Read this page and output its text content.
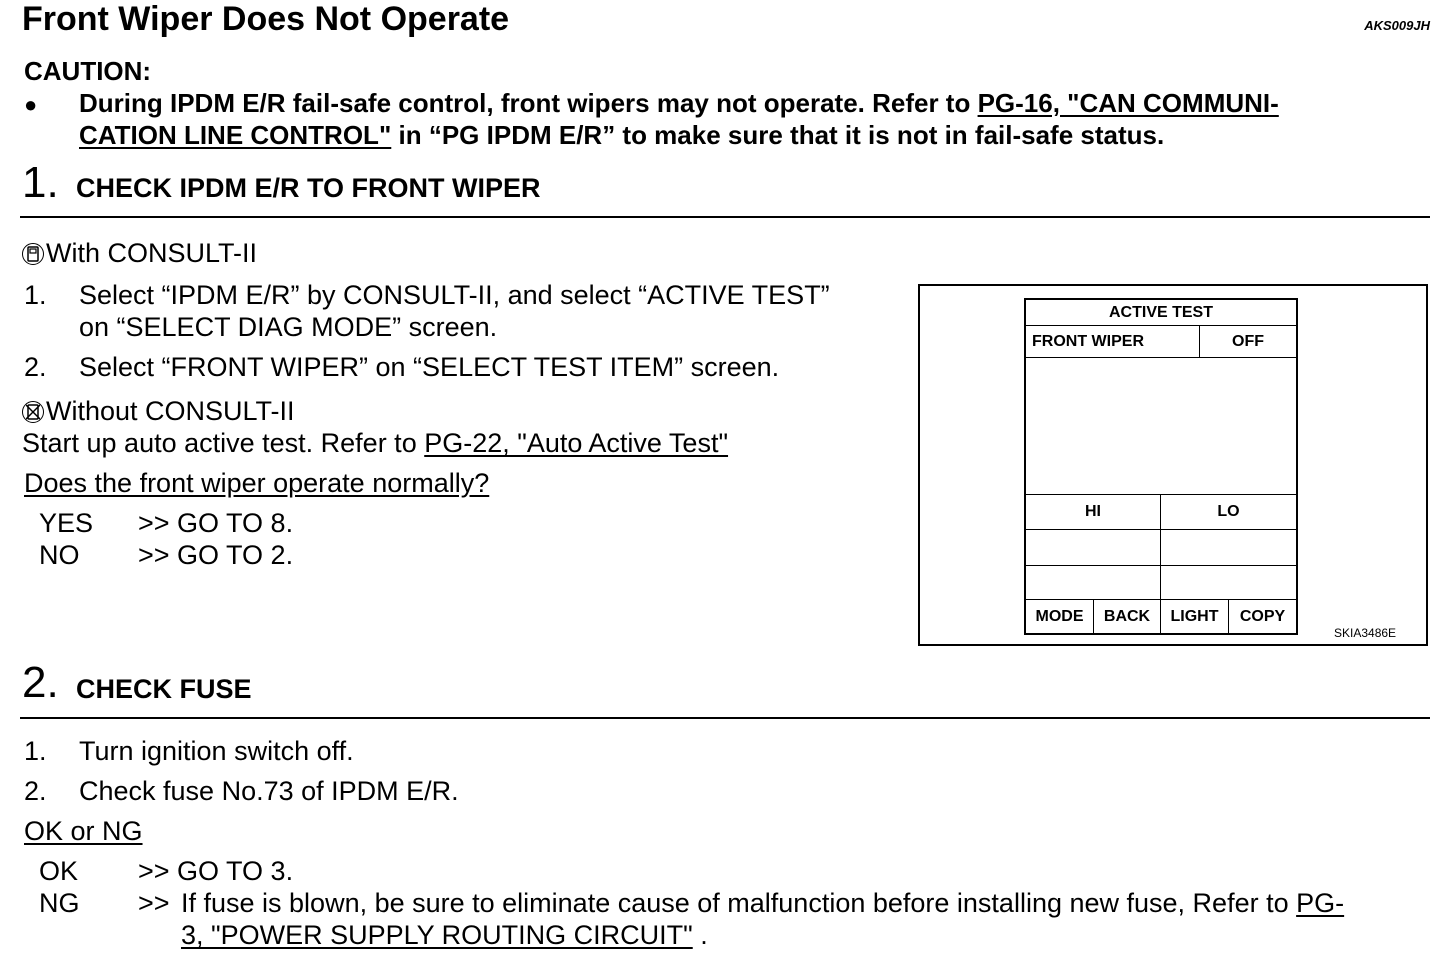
Front Wiper Does Not Operate	AKS009JH
CAUTION:
● During IPDM E/R fail-safe control, front wipers may not operate. Refer to PG-16, "CAN COMMUNI-
CATION LINE CONTROL" in “PG IPDM E/R” to make sure that it is not in fail-safe status.
1. CHECK IPDM E/R TO FRONT WIPER
With CONSULT-II
1. Select “IPDM E/R” by CONSULT-II, and select “ACTIVE TEST”
on “SELECT DIAG MODE” screen.
2. Select “FRONT WIPER” on “SELECT TEST ITEM” screen.
Without CONSULT-II
Start up auto active test. Refer to PG-22, "Auto Active Test"
Does the front wiper operate normally?
YES >> GO TO 8.
NO >> GO TO 2.
ACTIVE TEST
FRONT WIPER	OFF
HI	LO
MODE	BACK	LIGHT	COPY
SKIA3486E
2. CHECK FUSE
1. Turn ignition switch off.
2. Check fuse No.73 of IPDM E/R.
OK or NG
OK >> GO TO 3.
NG >> If fuse is blown, be sure to eliminate cause of malfunction before installing new fuse, Refer to PG-
3, "POWER SUPPLY ROUTING CIRCUIT" .
